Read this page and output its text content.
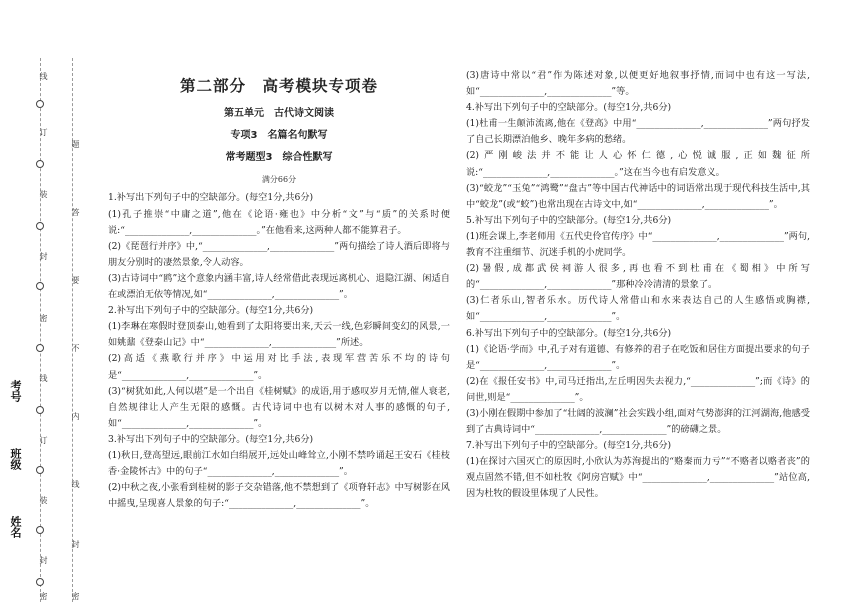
线
订
装
封
密
线
订
装
封
密
题
答
要
不
内
线
封
密
考号
班级
姓名

第二部分　高考模块专项卷

第五单元　古代诗文阅读

专项3　名篇名句默写

常考题型3　综合性默写

满分66分

1.补写出下列句子中的空缺部分。(每空1分,共6分)

(1)孔子推崇“中庸之道”,他在《论语·雍也》中分析“文”与“质”的关系时便说:“______________,______________。”在他看来,这两种人都不能算君子。

(2)《琵琶行并序》中,“______________,______________”两句描绘了诗人酒后即将与朋友分别时的凄然景象,令人动容。

(3)古诗词中“鸥”这个意象内涵丰富,诗人经常借此表现远离机心、退隐江湖、闲适自在或漂泊无依等情况,如“______________,______________”。

2.补写出下列句子中的空缺部分。(每空1分,共6分)

(1)李琳在寒假时登顶泰山,她看到了太阳将要出来,天云一线,色彩瞬间变幻的风景,一如姚鼐《登泰山记》中“______________,______________”所述。

(2)高适《燕歌行并序》中运用对比手法,表现军营苦乐不均的诗句是“______________,______________”。

(3)“树犹如此,人何以堪”是一个出自《桂树赋》的成语,用于感叹岁月无情,催人衰老,自然规律让人产生无限的感慨。古代诗词中也有以树木对人事的感慨的句子,如“______________,______________”。

3.补写出下列句子中的空缺部分。(每空1分,共6分)

(1)秋日,登高望远,眼前江水如白绢展开,远处山峰耸立,小刚不禁吟诵起王安石《桂枝香·金陵怀古》中的句子“______________,______________”。

(2)中秋之夜,小张看到桂树的影子交杂错落,他不禁想到了《项脊轩志》中写树影在风中摇曳,呈现喜人景象的句子:“______________,______________”。

(3)唐诗中常以“君”作为陈述对象,以便更好地叙事抒情,而词中也有这一写法,如“______________,______________”等。

4.补写出下列句子中的空缺部分。(每空1分,共6分)

(1)杜甫一生颠沛流离,他在《登高》中用“______________,______________”两句抒发了自己长期漂泊他乡、晚年多病的愁绪。

(2)严刚峻法并不能让人心怀仁德,心悦诚服,正如魏征所说:“______________,______________。”这在当今也有启发意义。

(3)“蛟龙”“玉兔”“鸿鹭”“盘古”等中国古代神话中的词语常出现于现代科技生活中,其中“蛟龙”(或“蛟”)也常出现在古诗文中,如“______________,______________”。

5.补写出下列句子中的空缺部分。(每空1分,共6分)

(1)班会课上,李老师用《五代史伶官传序》中“______________,______________”两句,教育不注重细节、沉迷手机的小虎同学。

(2)暑假,成都武侯祠游人很多,再也看不到杜甫在《蜀相》中所写的“______________,______________”那种冷冷清清的景象了。

(3)仁者乐山,智者乐水。历代诗人常借山和水来表达自己的人生感悟或胸襟,如“______________,______________”。

6.补写出下列句子中的空缺部分。(每空1分,共6分)

(1)《论语·学而》中,孔子对有道德、有修养的君子在吃饭和居住方面提出要求的句子是“______________,______________”。

(2)在《报任安书》中,司马迁指出,左丘明因失去视力,“______________”;而《诗》的问世,则是“______________”。

(3)小刚在假期中参加了“壮阔的波澜”社会实践小组,面对气势澎湃的江河湖海,他感受到了古典诗词中“______________,______________”的磅礴之景。

7.补写出下列句子中的空缺部分。(每空1分,共6分)

(1)在探讨六国灭亡的原因时,小欣认为苏洵提出的“赂秦而力亏”“不赂者以赂者丧”的观点固然不错,但不如杜牧《阿房宫赋》中“______________,______________”站位高,因为杜牧的假设里体现了人民性。
